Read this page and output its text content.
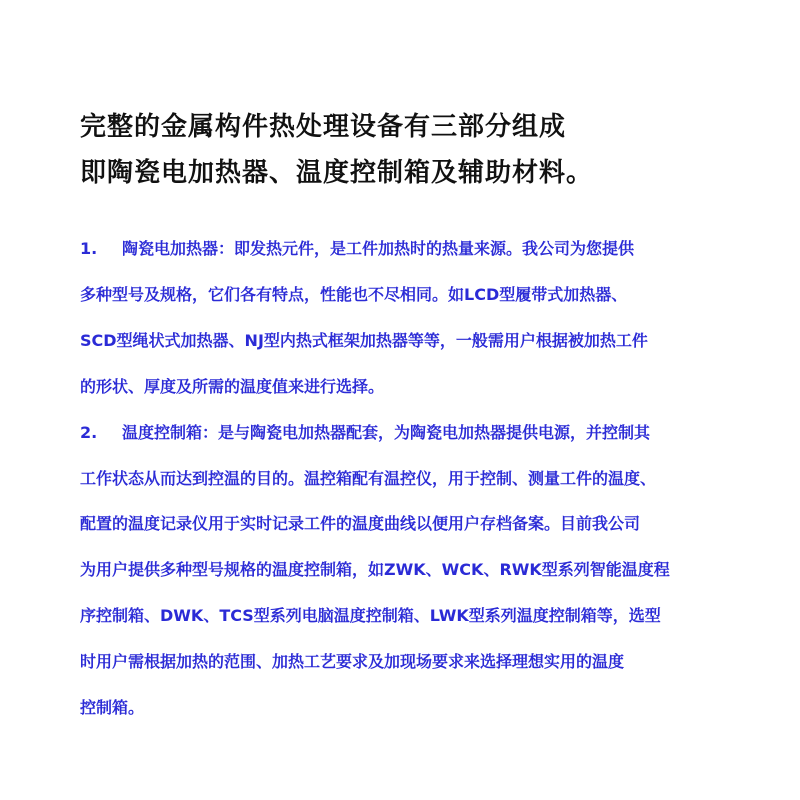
完整的金属构件热处理设备有三部分组成
即陶瓷电加热器、温度控制箱及辅助材料。
1. 陶瓷电加热器：即发热元件，是工件加热时的热量来源。我公司为您提供
多种型号及规格，它们各有特点，性能也不尽相同。如LCD型履带式加热器、
SCD型绳状式加热器、NJ型内热式框架加热器等等，一般需用户根据被加热工件
的形状、厚度及所需的温度值来进行选择。
2. 温度控制箱：是与陶瓷电加热器配套，为陶瓷电加热器提供电源，并控制其
工作状态从而达到控温的目的。温控箱配有温控仪，用于控制、测量工件的温度、
配置的温度记录仪用于实时记录工件的温度曲线以便用户存档备案。目前我公司
为用户提供多种型号规格的温度控制箱，如ZWK、WCK、RWK型系列智能温度程
序控制箱、DWK、TCS型系列电脑温度控制箱、LWK型系列温度控制箱等，选型
时用户需根据加热的范围、加热工艺要求及加现场要求来选择理想实用的温度
控制箱。
